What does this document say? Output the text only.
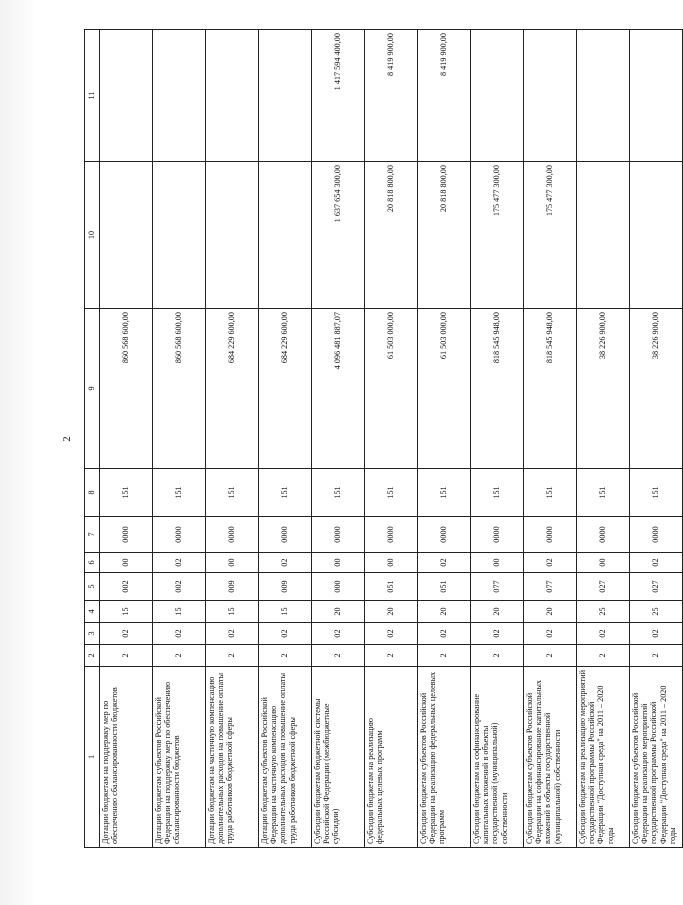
2
1	2	3	4	5	6	7	8	9	10	11
Дотации бюджетам на поддержку мер по обеспечению сбалансированности бюджетов	2	02	15	002	00	0000	151	860 568 600,00		
Дотации бюджетам субъектов Российской Федерации на поддержку мер по обеспечению сбалансированности бюджетов	2	02	15	002	02	0000	151	860 568 600,00		
Дотации бюджетам на частичную компенсацию дополнительных расходов на повышение оплаты труда работников бюджетной сферы	2	02	15	009	00	0000	151	684 229 600,00		
Дотации бюджетам субъектов Российской Федерации на частичную компенсацию дополнительных расходов на повышение оплаты труда работников бюджетной сферы	2	02	15	009	02	0000	151	684 229 600,00		
Субсидии бюджетам бюджетной системы Российской Федерации (межбюджетные субсидии)	2	02	20	000	00	0000	151	4 096 481 887,07	1 637 654 300,00	1 417 594 400,00
Субсидии бюджетам на реализацию федеральных целевых программ	2	02	20	051	00	0000	151	61 503 000,00	20 818 800,00	8 419 900,00
Субсидии бюджетам субъектов Российской Федерации на реализацию федеральных целевых программ	2	02	20	051	02	0000	151	61 503 000,00	20 818 800,00	8 419 900,00
Субсидии бюджетам на софинансирование капитальных вложений в объекты государственной (муниципальной) собственности	2	02	20	077	00	0000	151	818 545 948,00	175 477 300,00	
Субсидии бюджетам субъектов Российской Федерации на софинансирование капитальных вложений в объекты государственной (муниципальной) собственности	2	02	20	077	02	0000	151	818 545 948,00	175 477 300,00	
Субсидии бюджетам на реализацию мероприятий государственной программы Российской Федерации "Доступная среда" на 2011 – 2020 годы	2	02	25	027	00	0000	151	38 226 900,00		
Субсидии бюджетам субъектов Российской Федерации на реализацию мероприятий государственной программы Российской Федерации "Доступная среда" на 2011 – 2020 годы	2	02	25	027	02	0000	151	38 226 900,00		
